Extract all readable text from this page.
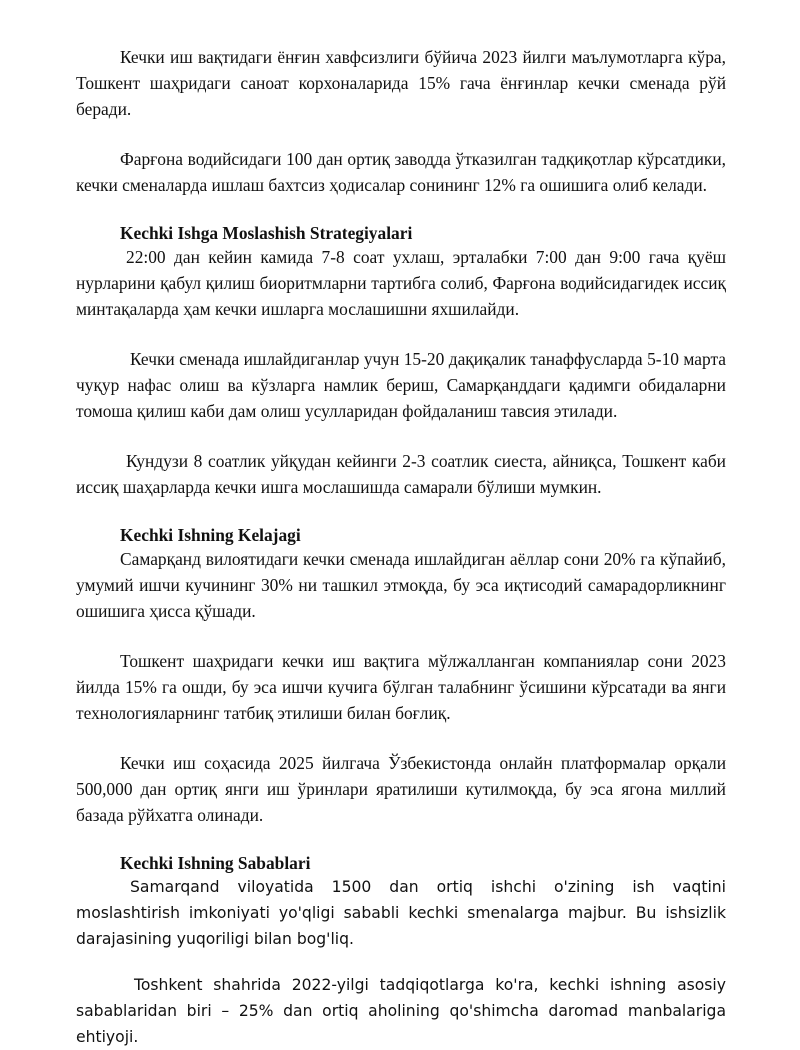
Кечки иш вақтидаги ёнғин хавфсизлиги бўйича 2023 йилги маълумотларга кўра, Тошкент шаҳридаги саноат корхоналарида 15% гача ёнғинлар кечки сменада рўй беради.

Фарғона водийсидаги 100 дан ортиқ заводда ўтказилган тадқиқотлар кўрсатдики, кечки сменаларда ишлаш бахтсиз ҳодисалар сонининг 12% га ошишига олиб келади.

Kechki Ishga Moslashish Strategiyalari

22:00 дан кейин камида 7-8 соат ухлаш, эрталабки 7:00 дан 9:00 гача қуёш нурларини қабул қилиш биоритмларни тартибга солиб, Фарғона водийсидагидек иссиқ минтақаларда ҳам кечки ишларга мослашишни яхшилайди.

Кечки сменада ишлайдиганлар учун 15-20 дақиқалик танаффусларда 5-10 марта чуқур нафас олиш ва кўзларга намлик бериш, Самарқанддаги қадимги обидаларни томоша қилиш каби дам олиш усулларидан фойдаланиш тавсия этилади.

Кундузи 8 соатлик уйқудан кейинги 2-3 соатлик сиеста, айниқса, Тошкент каби иссиқ шаҳарларда кечки ишга мослашишда самарали бўлиши мумкин.

Kechki Ishning Kelajagi

Самарқанд вилоятидаги кечки сменада ишлайдиган аёллар сони 20% га кўпайиб, умумий ишчи кучининг 30% ни ташкил этмоқда, бу эса иқтисодий самарадорликнинг ошишига ҳисса қўшади.

Тошкент шаҳридаги кечки иш вақтига мўлжалланган компаниялар сони 2023 йилда 15% га ошди, бу эса ишчи кучига бўлган талабнинг ўсишини кўрсатади ва янги технологияларнинг татбиқ этилиши билан боғлиқ.

Кечки иш соҳасида 2025 йилгача Ўзбекистонда онлайн платформалар орқали 500,000 дан ортиқ янги иш ўринлари яратилиши кутилмоқда, бу эса ягона миллий базада рўйхатга олинади.

Kechki Ishning Sabablari

Samarqand viloyatida 1500 dan ortiq ishchi o'zining ish vaqtini moslashtirish imkoniyati yo'qligi sababli kechki smenalarga majbur. Bu ishsizlik darajasining yuqoriligi bilan bog'liq.

Toshkent shahrida 2022-yilgi tadqiqotlarga ko'ra, kechki ishning asosiy sabablaridan biri – 25% dan ortiq aholining qo'shimcha daromad manbalariga ehtiyoji.
